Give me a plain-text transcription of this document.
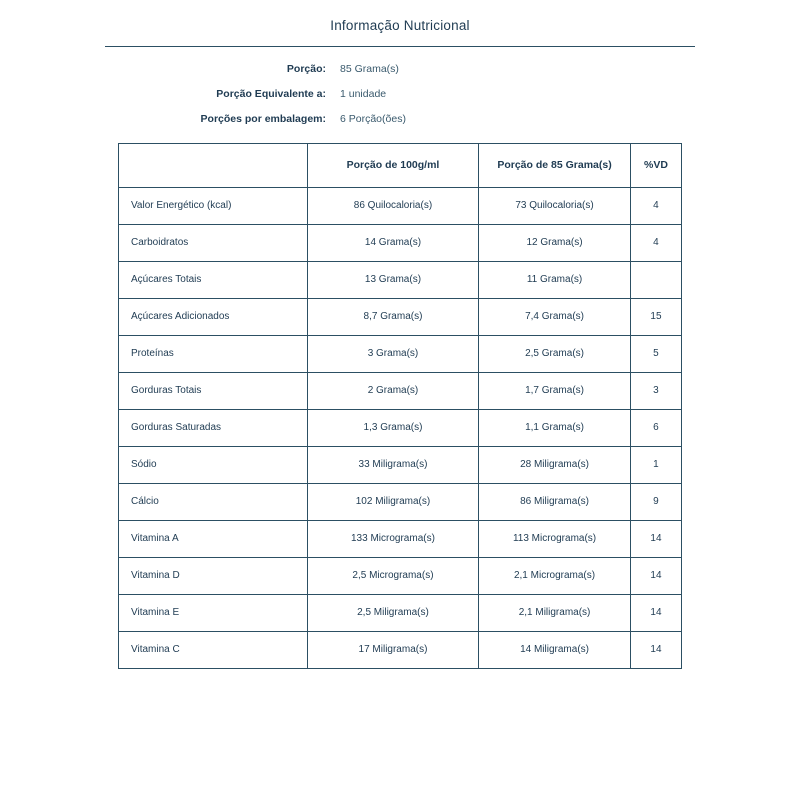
Informação Nutricional
Porção:	85 Grama(s)
Porção Equivalente a:	1 unidade
Porções por embalagem:	6 Porção(ões)
	Porção de 100g/ml	Porção de 85 Grama(s)	%VD
Valor Energético (kcal)	86 Quilocaloria(s)	73 Quilocaloria(s)	4
Carboidratos	14 Grama(s)	12 Grama(s)	4
Açúcares Totais	13 Grama(s)	11 Grama(s)	
Açúcares Adicionados	8,7 Grama(s)	7,4 Grama(s)	15
Proteínas	3 Grama(s)	2,5 Grama(s)	5
Gorduras Totais	2 Grama(s)	1,7 Grama(s)	3
Gorduras Saturadas	1,3 Grama(s)	1,1 Grama(s)	6
Sódio	33 Miligrama(s)	28 Miligrama(s)	1
Cálcio	102 Miligrama(s)	86 Miligrama(s)	9
Vitamina A	133 Micrograma(s)	113 Micrograma(s)	14
Vitamina D	2,5 Micrograma(s)	2,1 Micrograma(s)	14
Vitamina E	2,5 Miligrama(s)	2,1 Miligrama(s)	14
Vitamina C	17 Miligrama(s)	14 Miligrama(s)	14
